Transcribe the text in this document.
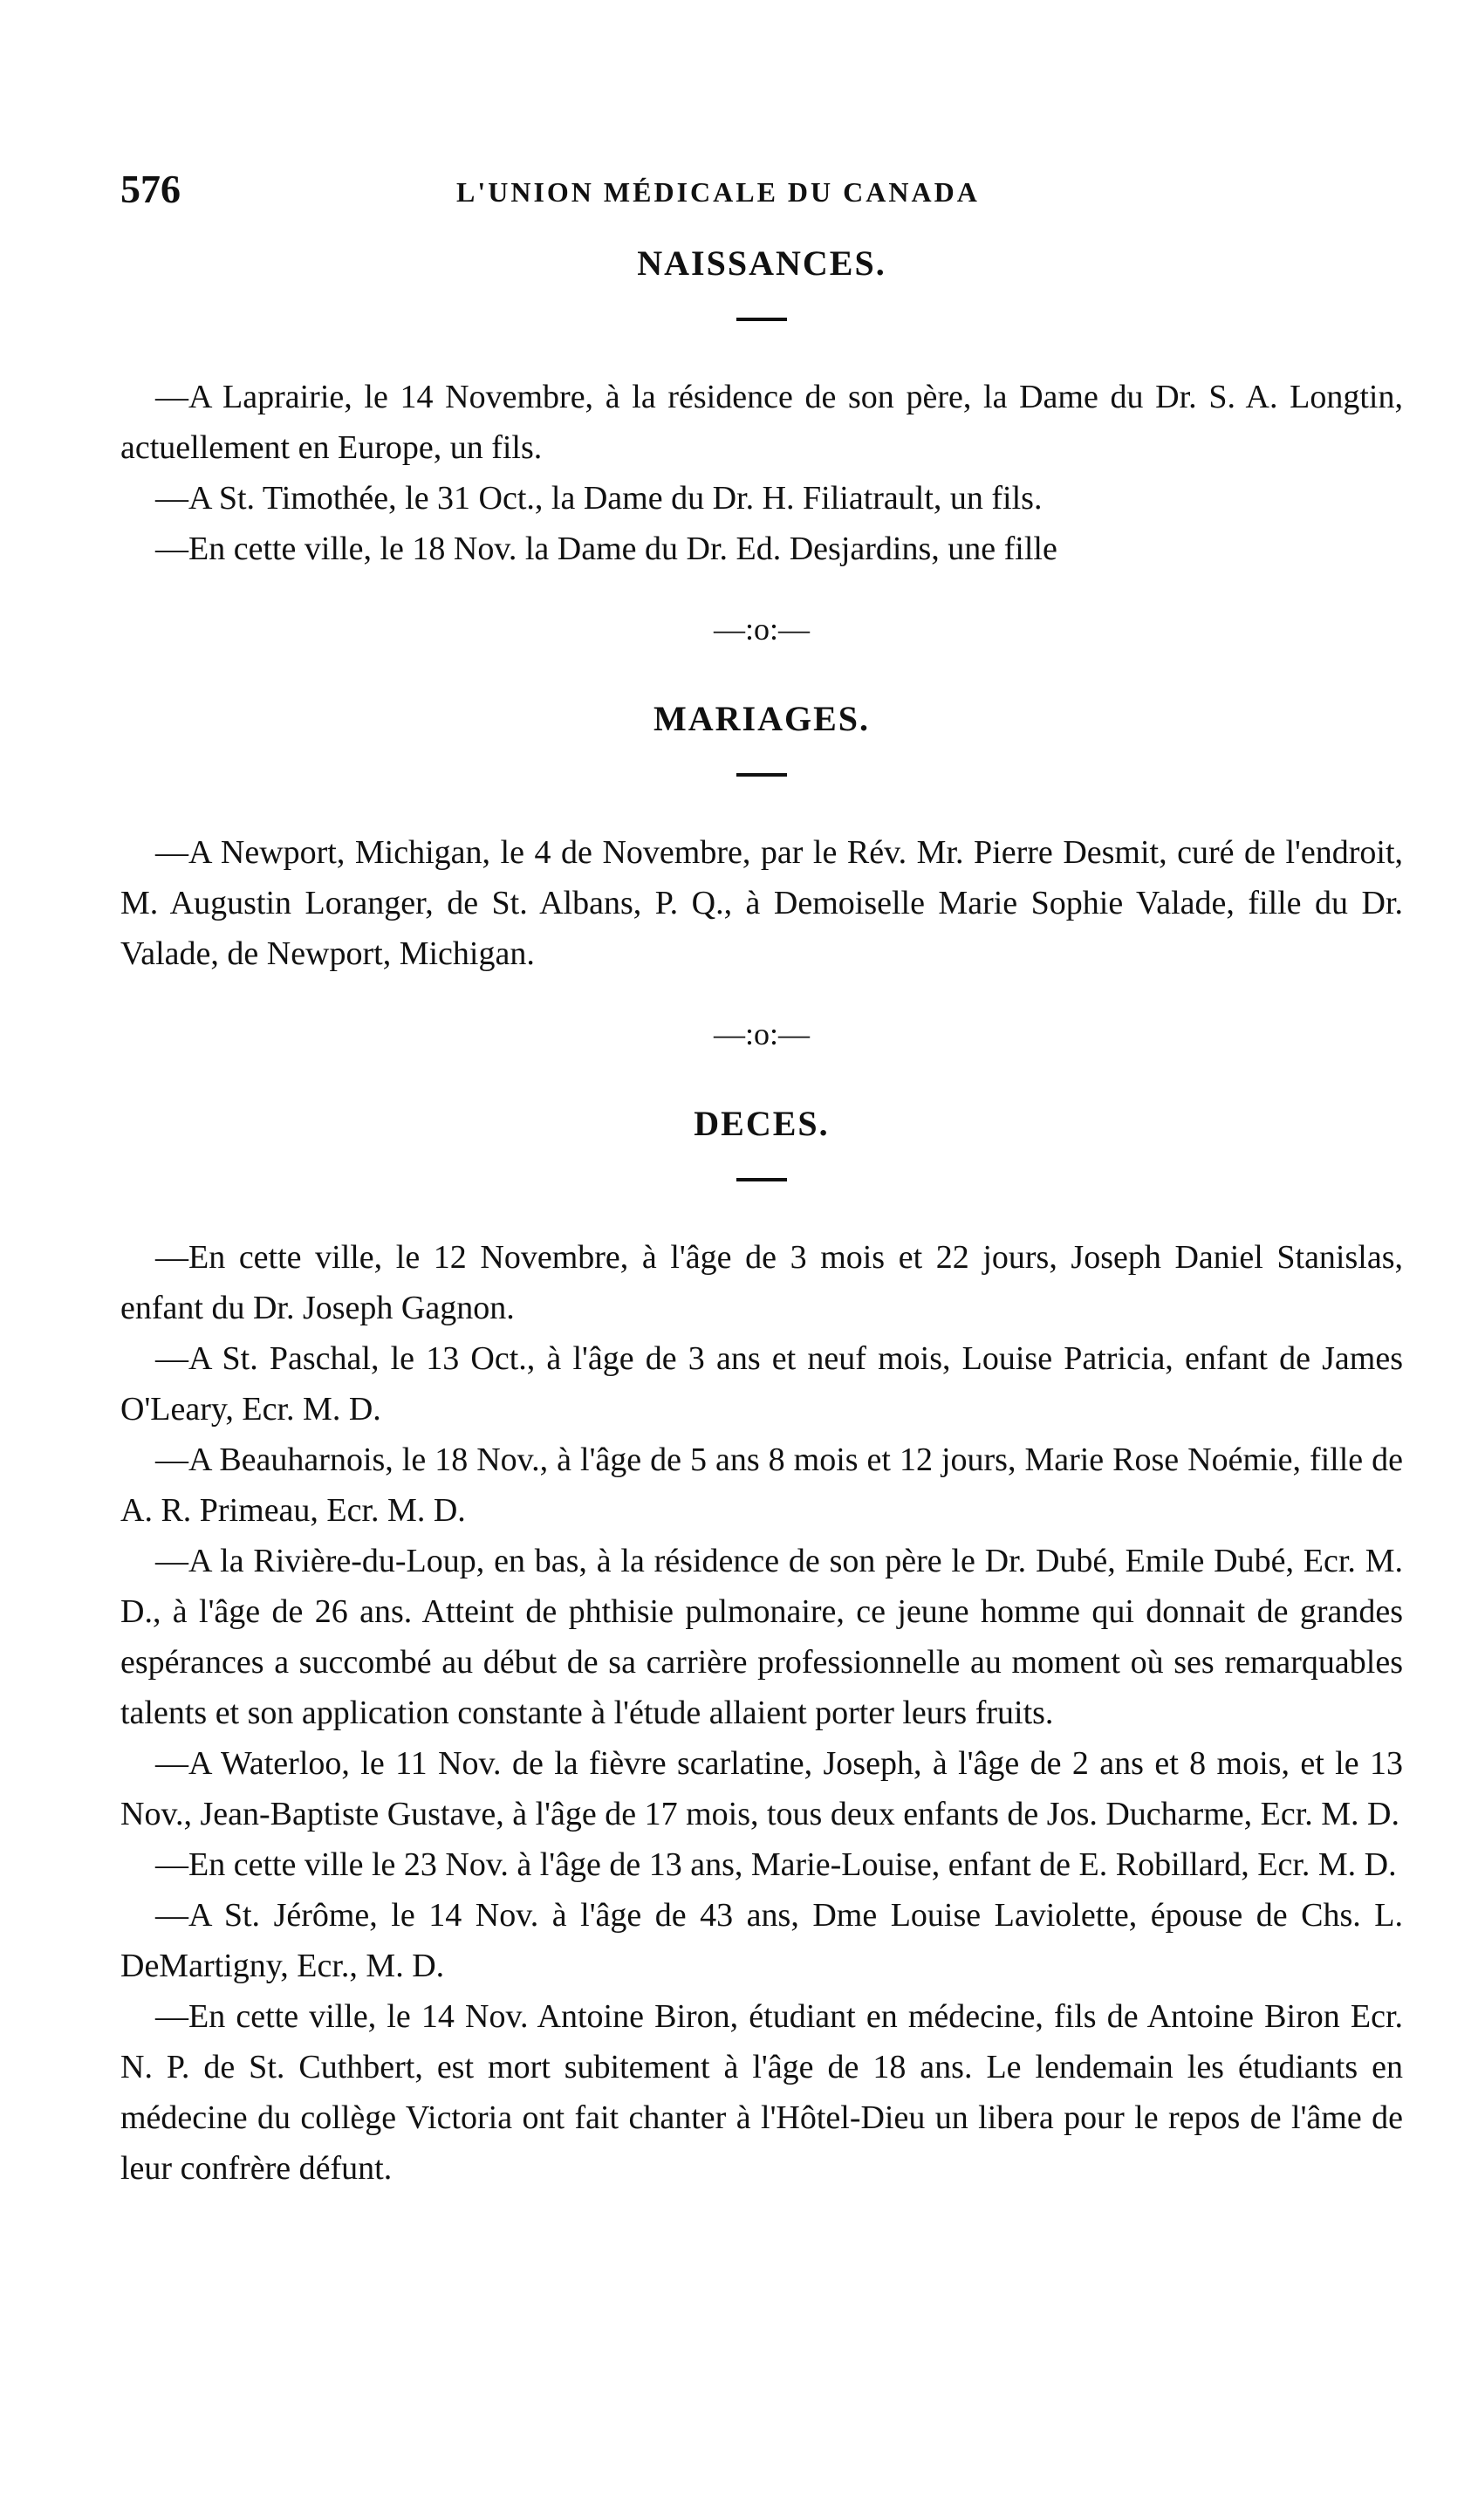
576	L'UNION MÉDICALE DU CANADA
NAISSANCES.

—A Laprairie, le 14 Novembre, à la résidence de son père, la Dame du Dr. S. A. Longtin, actuellement en Europe, un fils.

—A St. Timothée, le 31 Oct., la Dame du Dr. H. Filiatrault, un fils.

—En cette ville, le 18 Nov. la Dame du Dr. Ed. Desjardins, une fille

—:o:—
MARIAGES.

—A Newport, Michigan, le 4 de Novembre, par le Rév. Mr. Pierre Desmit, curé de l'endroit, M. Augustin Loranger, de St. Albans, P. Q., à Demoiselle Marie Sophie Valade, fille du Dr. Valade, de Newport, Michigan.

—:o:—
DECES.

—En cette ville, le 12 Novembre, à l'âge de 3 mois et 22 jours, Joseph Daniel Stanislas, enfant du Dr. Joseph Gagnon.

—A St. Paschal, le 13 Oct., à l'âge de 3 ans et neuf mois, Louise Patricia, enfant de James O'Leary, Ecr. M. D.

—A Beauharnois, le 18 Nov., à l'âge de 5 ans 8 mois et 12 jours, Marie Rose Noémie, fille de A. R. Primeau, Ecr. M. D.

—A la Rivière-du-Loup, en bas, à la résidence de son père le Dr. Dubé, Emile Dubé, Ecr. M. D., à l'âge de 26 ans. Atteint de phthisie pulmonaire, ce jeune homme qui donnait de grandes espérances a succombé au début de sa carrière professionnelle au moment où ses remarquables talents et son application constante à l'étude allaient porter leurs fruits.

—A Waterloo, le 11 Nov. de la fièvre scarlatine, Joseph, à l'âge de 2 ans et 8 mois, et le 13 Nov., Jean-Baptiste Gustave, à l'âge de 17 mois, tous deux enfants de Jos. Ducharme, Ecr. M. D.

—En cette ville le 23 Nov. à l'âge de 13 ans, Marie-Louise, enfant de E. Robillard, Ecr. M. D.

—A St. Jérôme, le 14 Nov. à l'âge de 43 ans, Dme Louise Laviolette, épouse de Chs. L. DeMartigny, Ecr., M. D.

—En cette ville, le 14 Nov. Antoine Biron, étudiant en médecine, fils de Antoine Biron Ecr. N. P. de St. Cuthbert, est mort subitement à l'âge de 18 ans. Le lendemain les étudiants en médecine du collège Victoria ont fait chanter à l'Hôtel-Dieu un libera pour le repos de l'âme de leur confrère défunt.
